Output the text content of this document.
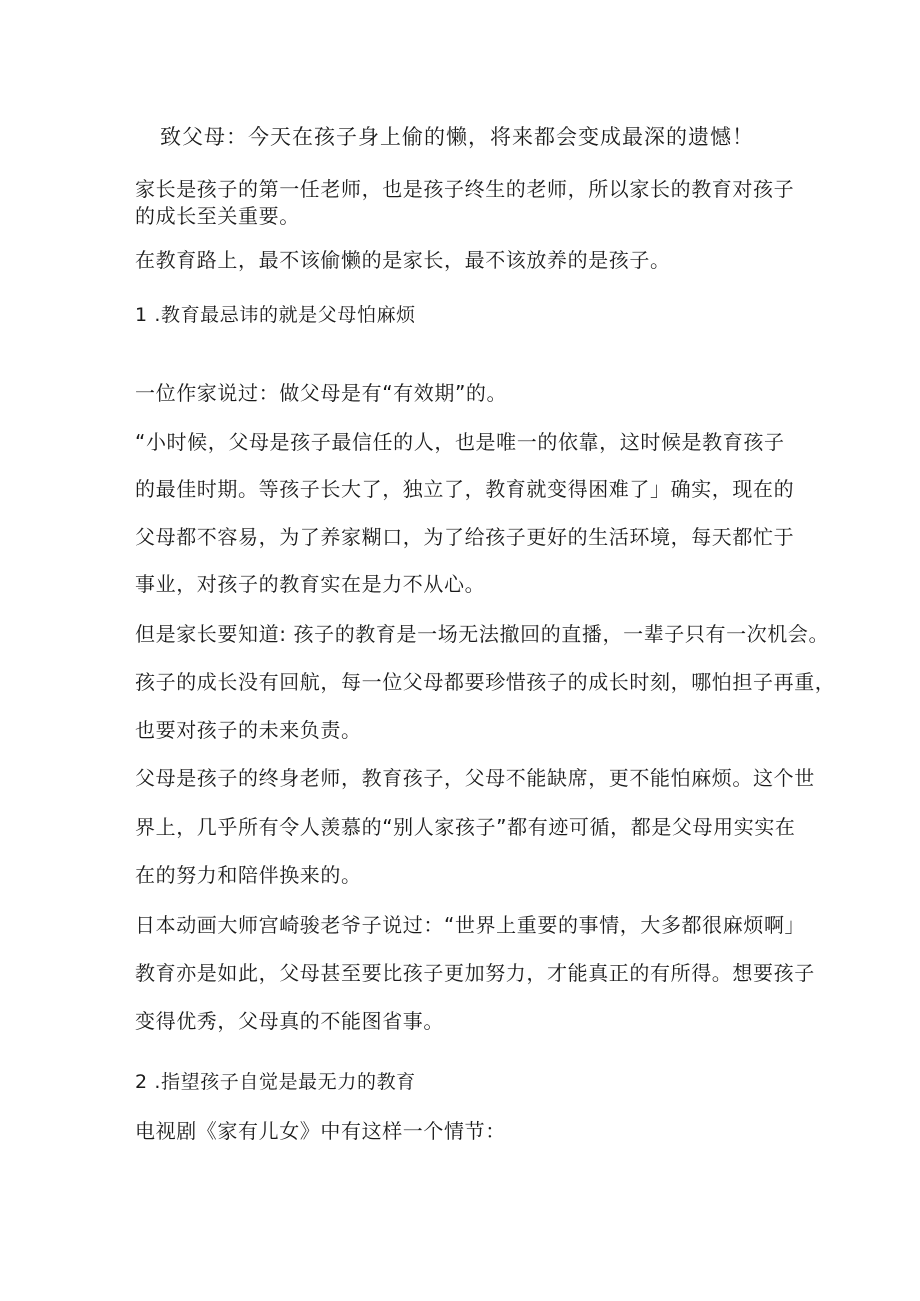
致父母：今天在孩子身上偷的懒，将来都会变成最深的遗憾！
家长是孩子的第一任老师，也是孩子终生的老师，所以家长的教育对孩子
的成长至关重要。
在教育路上，最不该偷懒的是家长，最不该放养的是孩子。
1 .教育最忌讳的就是父母怕麻烦
一位作家说过：做父母是有“有效期”的。
“小时候，父母是孩子最信任的人，也是唯一的依靠，这时候是教育孩子
的最佳时期。等孩子长大了，独立了，教育就变得困难了」确实，现在的
父母都不容易，为了养家糊口，为了给孩子更好的生活环境，每天都忙于
事业，对孩子的教育实在是力不从心。
但是家长要知道: 孩子的教育是一场无法撤回的直播，一辈子只有一次机会。
孩子的成长没有回航，每一位父母都要珍惜孩子的成长时刻，哪怕担子再重，
也要对孩子的未来负责。
父母是孩子的终身老师，教育孩子，父母不能缺席，更不能怕麻烦。这个世
界上，几乎所有令人羡慕的“别人家孩子”都有迹可循，都是父母用实实在
在的努力和陪伴换来的。
日本动画大师宫崎骏老爷子说过：“世界上重要的事情，大多都很麻烦啊」
教育亦是如此，父母甚至要比孩子更加努力，才能真正的有所得。想要孩子
变得优秀，父母真的不能图省事。
2 .指望孩子自觉是最无力的教育
电视剧《家有儿女》中有这样一个情节：
